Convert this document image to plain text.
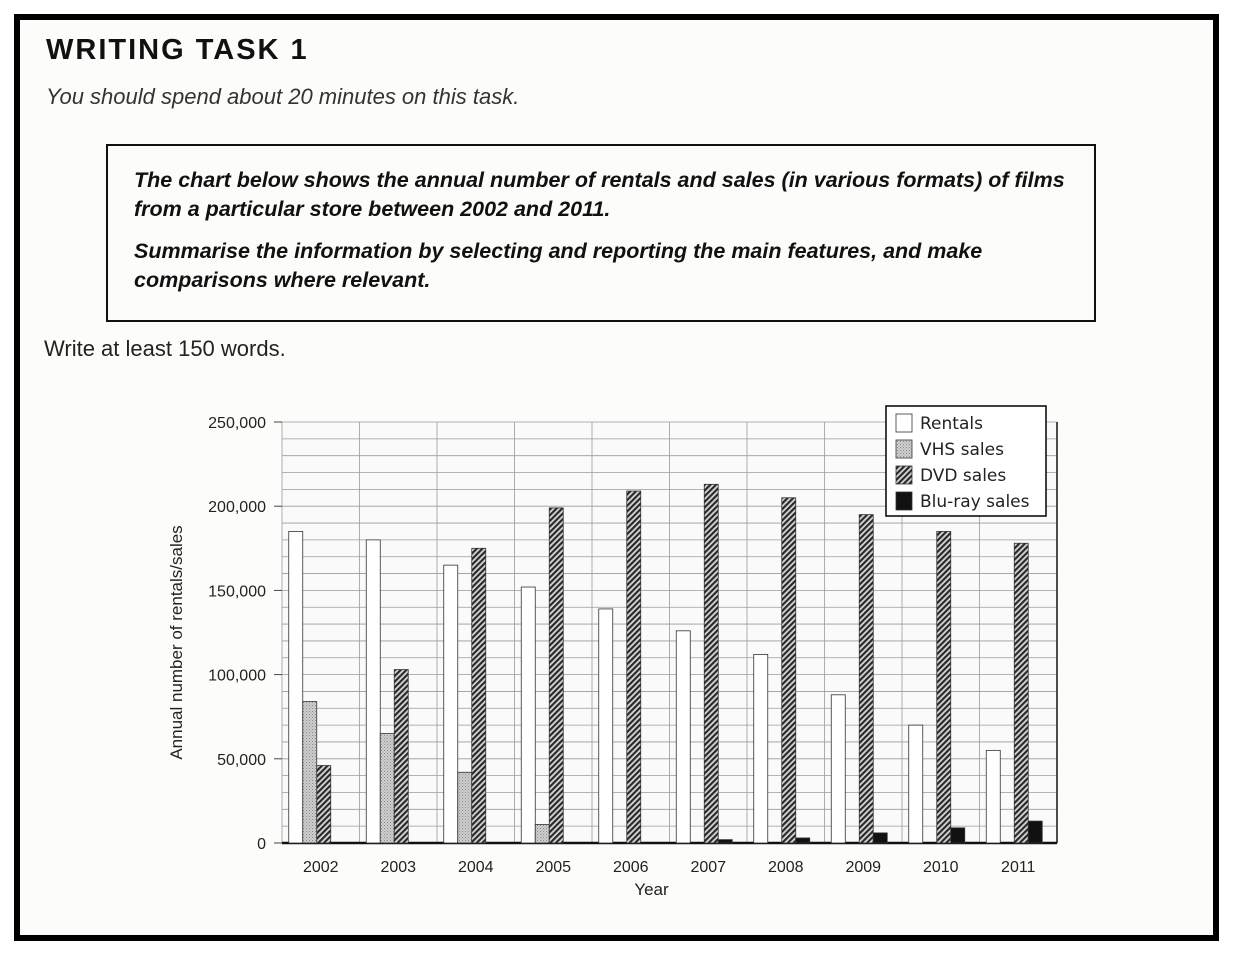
WRITING TASK 1
You should spend about 20 minutes on this task.

The chart below shows the annual number of rentals and sales (in various formats) of films from a particular store between 2002 and 2011.

Summarise the information by selecting and reporting the main features, and make comparisons where relevant.

Write at least 150 words.
0
50,000
100,000
150,000
200,000
250,000
2002	2003	2004	2005	2006	2007	2008	2009	2010	2011
Year
Annual number of rentals/sales
Rentals
VHS sales
DVD sales
Blu-ray sales
